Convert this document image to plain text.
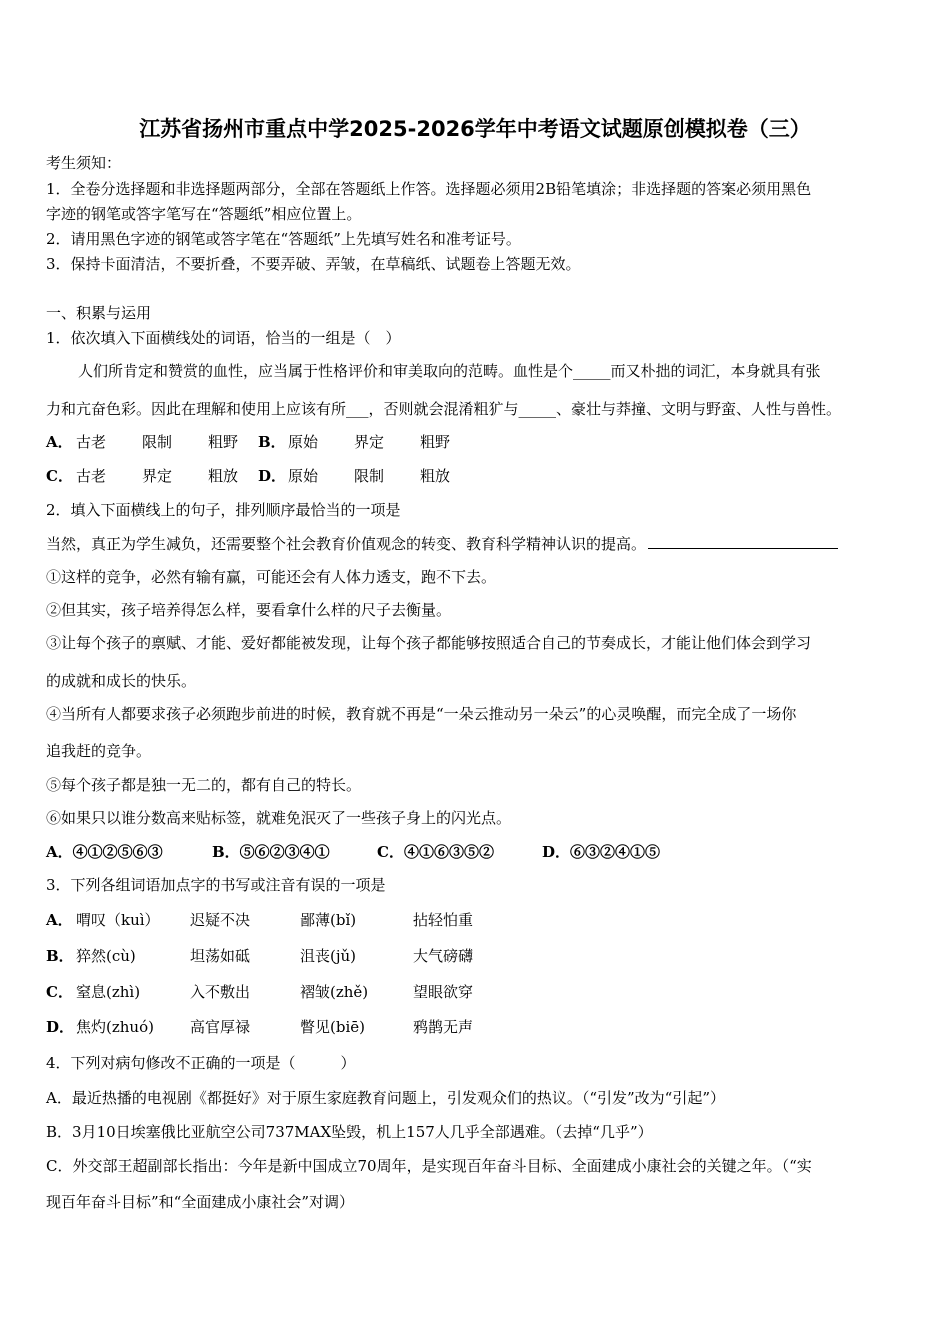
江苏省扬州市重点中学2025-2026学年中考语文试题原创模拟卷（三）
考生须知：
1．全卷分选择题和非选择题两部分，全部在答题纸上作答。选择题必须用2B铅笔填涂；非选择题的答案必须用黑色
字迹的钢笔或答字笔写在“答题纸”相应位置上。
2．请用黑色字迹的钢笔或答字笔在“答题纸”上先填写姓名和准考证号。
3．保持卡面清洁，不要折叠，不要弄破、弄皱，在草稿纸、试题卷上答题无效。
一、积累与运用
1．依次填入下面横线处的词语，恰当的一组是（　）
人们所肯定和赞赏的血性，应当属于性格评价和审美取向的范畴。血性是个_____而又朴拙的词汇，本身就具有张
力和亢奋色彩。因此在理解和使用上应该有所___，否则就会混淆粗犷与_____、豪壮与莽撞、文明与野蛮、人性与兽性。
A． 古老 限制 粗野 B． 原始 界定 粗野
C． 古老 界定 粗放 D． 原始 限制 粗放
2．填入下面横线上的句子，排列顺序最恰当的一项是
当然，真正为学生减负，还需要整个社会教育价值观念的转变、教育科学精神认识的提高。
①这样的竞争，必然有输有赢，可能还会有人体力透支，跑不下去。
②但其实，孩子培养得怎么样，要看拿什么样的尺子去衡量。
③让每个孩子的禀赋、才能、爱好都能被发现，让每个孩子都能够按照适合自己的节奏成长，才能让他们体会到学习
的成就和成长的快乐。
④当所有人都要求孩子必须跑步前进的时候，教育就不再是“一朵云推动另一朵云”的心灵唤醒，而完全成了一场你
追我赶的竞争。
⑤每个孩子都是独一无二的，都有自己的特长。
⑥如果只以谁分数高来贴标签，就难免泯灭了一些孩子身上的闪光点。
A．④①②⑤⑥③	B．⑤⑥②③④①	C．④①⑥③⑤②	D．⑥③②④①⑤
3．下列各组词语加点字的书写或注音有误的一项是
A． 喟叹（kuì） 迟疑不决	鄙薄(bǐ)	拈轻怕重
B． 猝然(cù)	坦荡如砥	沮丧(jǔ)	大气磅礴
C． 窒息(zhì)	入不敷出	褶皱(zhě)	望眼欲穿
D． 焦灼(zhuó) 高官厚禄	瞥见(biē)	鸦鹊无声
4．下列对病句修改不正确的一项是（　　　）
A．最近热播的电视剧《都挺好》对于原生家庭教育问题上，引发观众们的热议。（“引发”改为“引起”）
B．3月10日埃塞俄比亚航空公司737MAX坠毁，机上157人几乎全部遇难。（去掉“几乎”）
C．外交部王超副部长指出：今年是新中国成立70周年，是实现百年奋斗目标、全面建成小康社会的关键之年。（“实
现百年奋斗目标”和“全面建成小康社会”对调）
